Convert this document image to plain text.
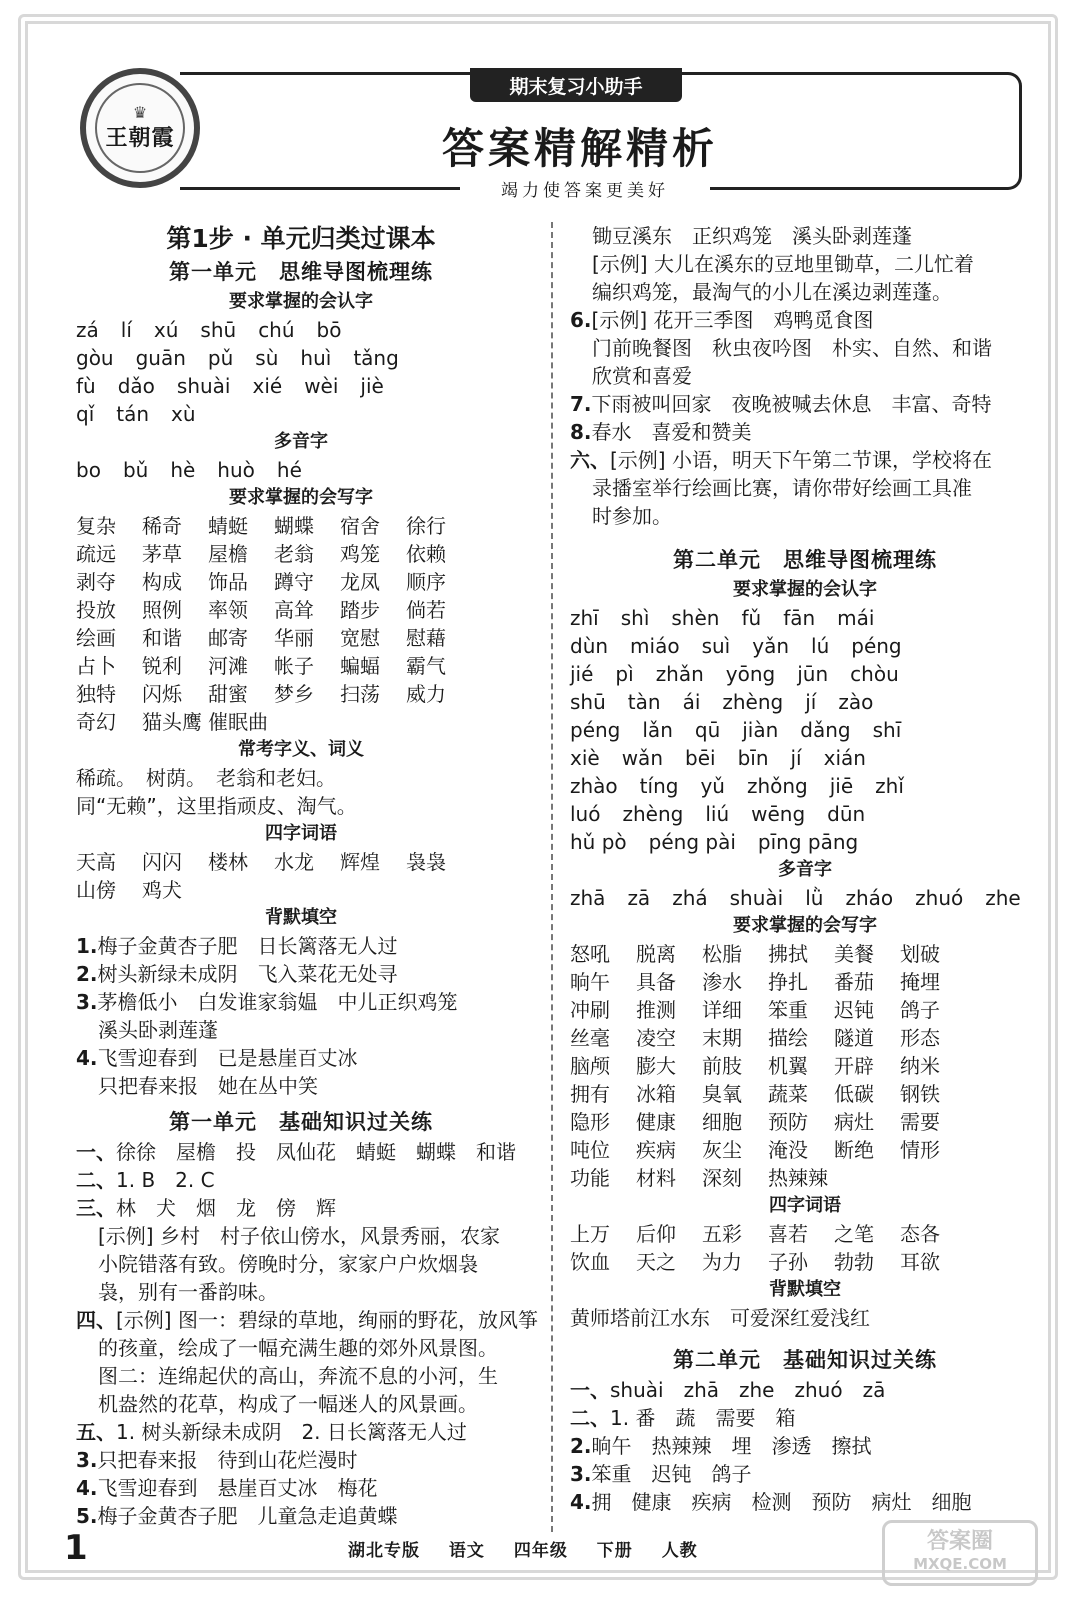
♛
王朝霞
期末复习小助手
答案精解精析
竭力使答案更美好
第1步 · 单元归类过课本
第一单元　思维导图梳理练
要求掌握的会认字
zá lí xú shū chú bō
gòu guān pǔ sù huì tǎng
fù dǎo shuài xié wèi jiè
qǐ tán xù
多音字
bo bǔ hè huò hé
要求掌握的会写字
复杂 稀奇 蜻蜓 蝴蝶 宿舍 徐行
疏远 茅草 屋檐 老翁 鸡笼 依赖
剥夺 构成 饰品 蹲守 龙凤 顺序
投放 照例 率领 高耸 踏步 倘若
绘画 和谐 邮寄 华丽 宽慰 慰藉
占卜 锐利 河滩 帐子 蝙蝠 霸气
独特 闪烁 甜蜜 梦乡 扫荡 威力
奇幻 猫头鹰 催眠曲
常考字义、词义
稀疏。　树荫。　老翁和老妇。
同“无赖”，这里指顽皮、淘气。
四字词语
天高 闪闪 楼林 水龙 辉煌 袅袅
山傍 鸡犬
背默填空
1.梅子金黄杏子肥　日长篱落无人过
2.树头新绿未成阴　飞入菜花无处寻
3.茅檐低小　白发谁家翁媪　中儿正织鸡笼
溪头卧剥莲蓬
4.飞雪迎春到　已是悬崖百丈冰
只把春来报　她在丛中笑
第一单元　基础知识过关练
一、徐徐　屋檐　投　凤仙花　蜻蜓　蝴蝶　和谐
二、1. B　2. C
三、林　犬　烟　龙　傍　辉
[示例] 乡村　村子依山傍水，风景秀丽，农家
小院错落有致。傍晚时分，家家户户炊烟袅
袅，别有一番韵味。
四、[示例] 图一：碧绿的草地，绚丽的野花，放风筝
的孩童，绘成了一幅充满生趣的郊外风景图。
图二：连绵起伏的高山，奔流不息的小河，生
机盎然的花草，构成了一幅迷人的风景画。
五、1. 树头新绿未成阴　2. 日长篱落无人过
3.只把春来报　待到山花烂漫时
4.飞雪迎春到　悬崖百丈冰　梅花
5.梅子金黄杏子肥　儿童急走追黄蝶
锄豆溪东　正织鸡笼　溪头卧剥莲蓬
[示例] 大儿在溪东的豆地里锄草，二儿忙着
编织鸡笼，最淘气的小儿在溪边剥莲蓬。
6.[示例] 花开三季图　鸡鸭觅食图
门前晚餐图　秋虫夜吟图　朴实、自然、和谐
欣赏和喜爱
7.下雨被叫回家　夜晚被喊去休息　丰富、奇特
8.春水　喜爱和赞美
六、[示例] 小语，明天下午第二节课，学校将在
录播室举行绘画比赛，请你带好绘画工具准
时参加。
第二单元　思维导图梳理练
要求掌握的会认字
zhī shì shèn fǔ fān mái
dùn miáo suì yǎn lú péng
jié pì zhǎn yōng jūn chòu
shū tàn ái zhèng jí zào
péng lǎn qū jiàn dǎng shī
xiè wǎn bēi bīn jí xián
zhào tíng yǔ zhǒng jiē zhǐ
luó zhèng liú wēng dūn
hǔ pò péng pài pīng pāng
多音字
zhā zā zhá shuài lǜ zháo zhuó zhe
要求掌握的会写字
怒吼 脱离 松脂 拂拭 美餐 划破
晌午 具备 渗水 挣扎 番茄 掩埋
冲刷 推测 详细 笨重 迟钝 鸽子
丝毫 凌空 末期 描绘 隧道 形态
脑颅 膨大 前肢 机翼 开辟 纳米
拥有 冰箱 臭氧 蔬菜 低碳 钢铁
隐形 健康 细胞 预防 病灶 需要
吨位 疾病 灰尘 淹没 断绝 情形
功能 材料 深刻 热辣辣
四字词语
上万 后仰 五彩 喜若 之笔 态各
饮血 天之 为力 子孙 勃勃 耳欲
背默填空
黄师塔前江水东　可爱深红爱浅红
第二单元　基础知识过关练
一、shuài　zhā　zhe　zhuó　zā
二、1. 番　蔬　需要　箱
2.晌午　热辣辣　埋　渗透　擦拭
3.笨重　迟钝　鸽子
4.拥　健康　疾病　检测　预防　病灶　细胞
1	湖北专版 语文 四年级 下册 人教	答案圈
MXQE.COM
